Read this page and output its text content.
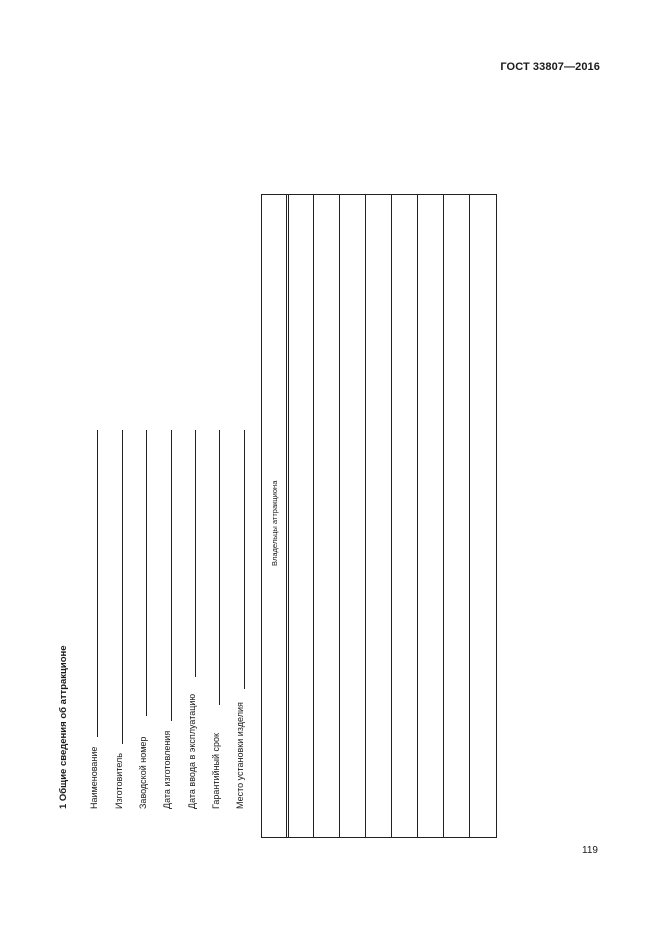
ГОСТ 33807—2016
1 Общие сведения об аттракционе Наименование Изготовитель Заводской номер Дата изготовления Дата ввода в эксплуатацию Гарантийный срок Место установки изделия
Владельцы аттракциона
119
